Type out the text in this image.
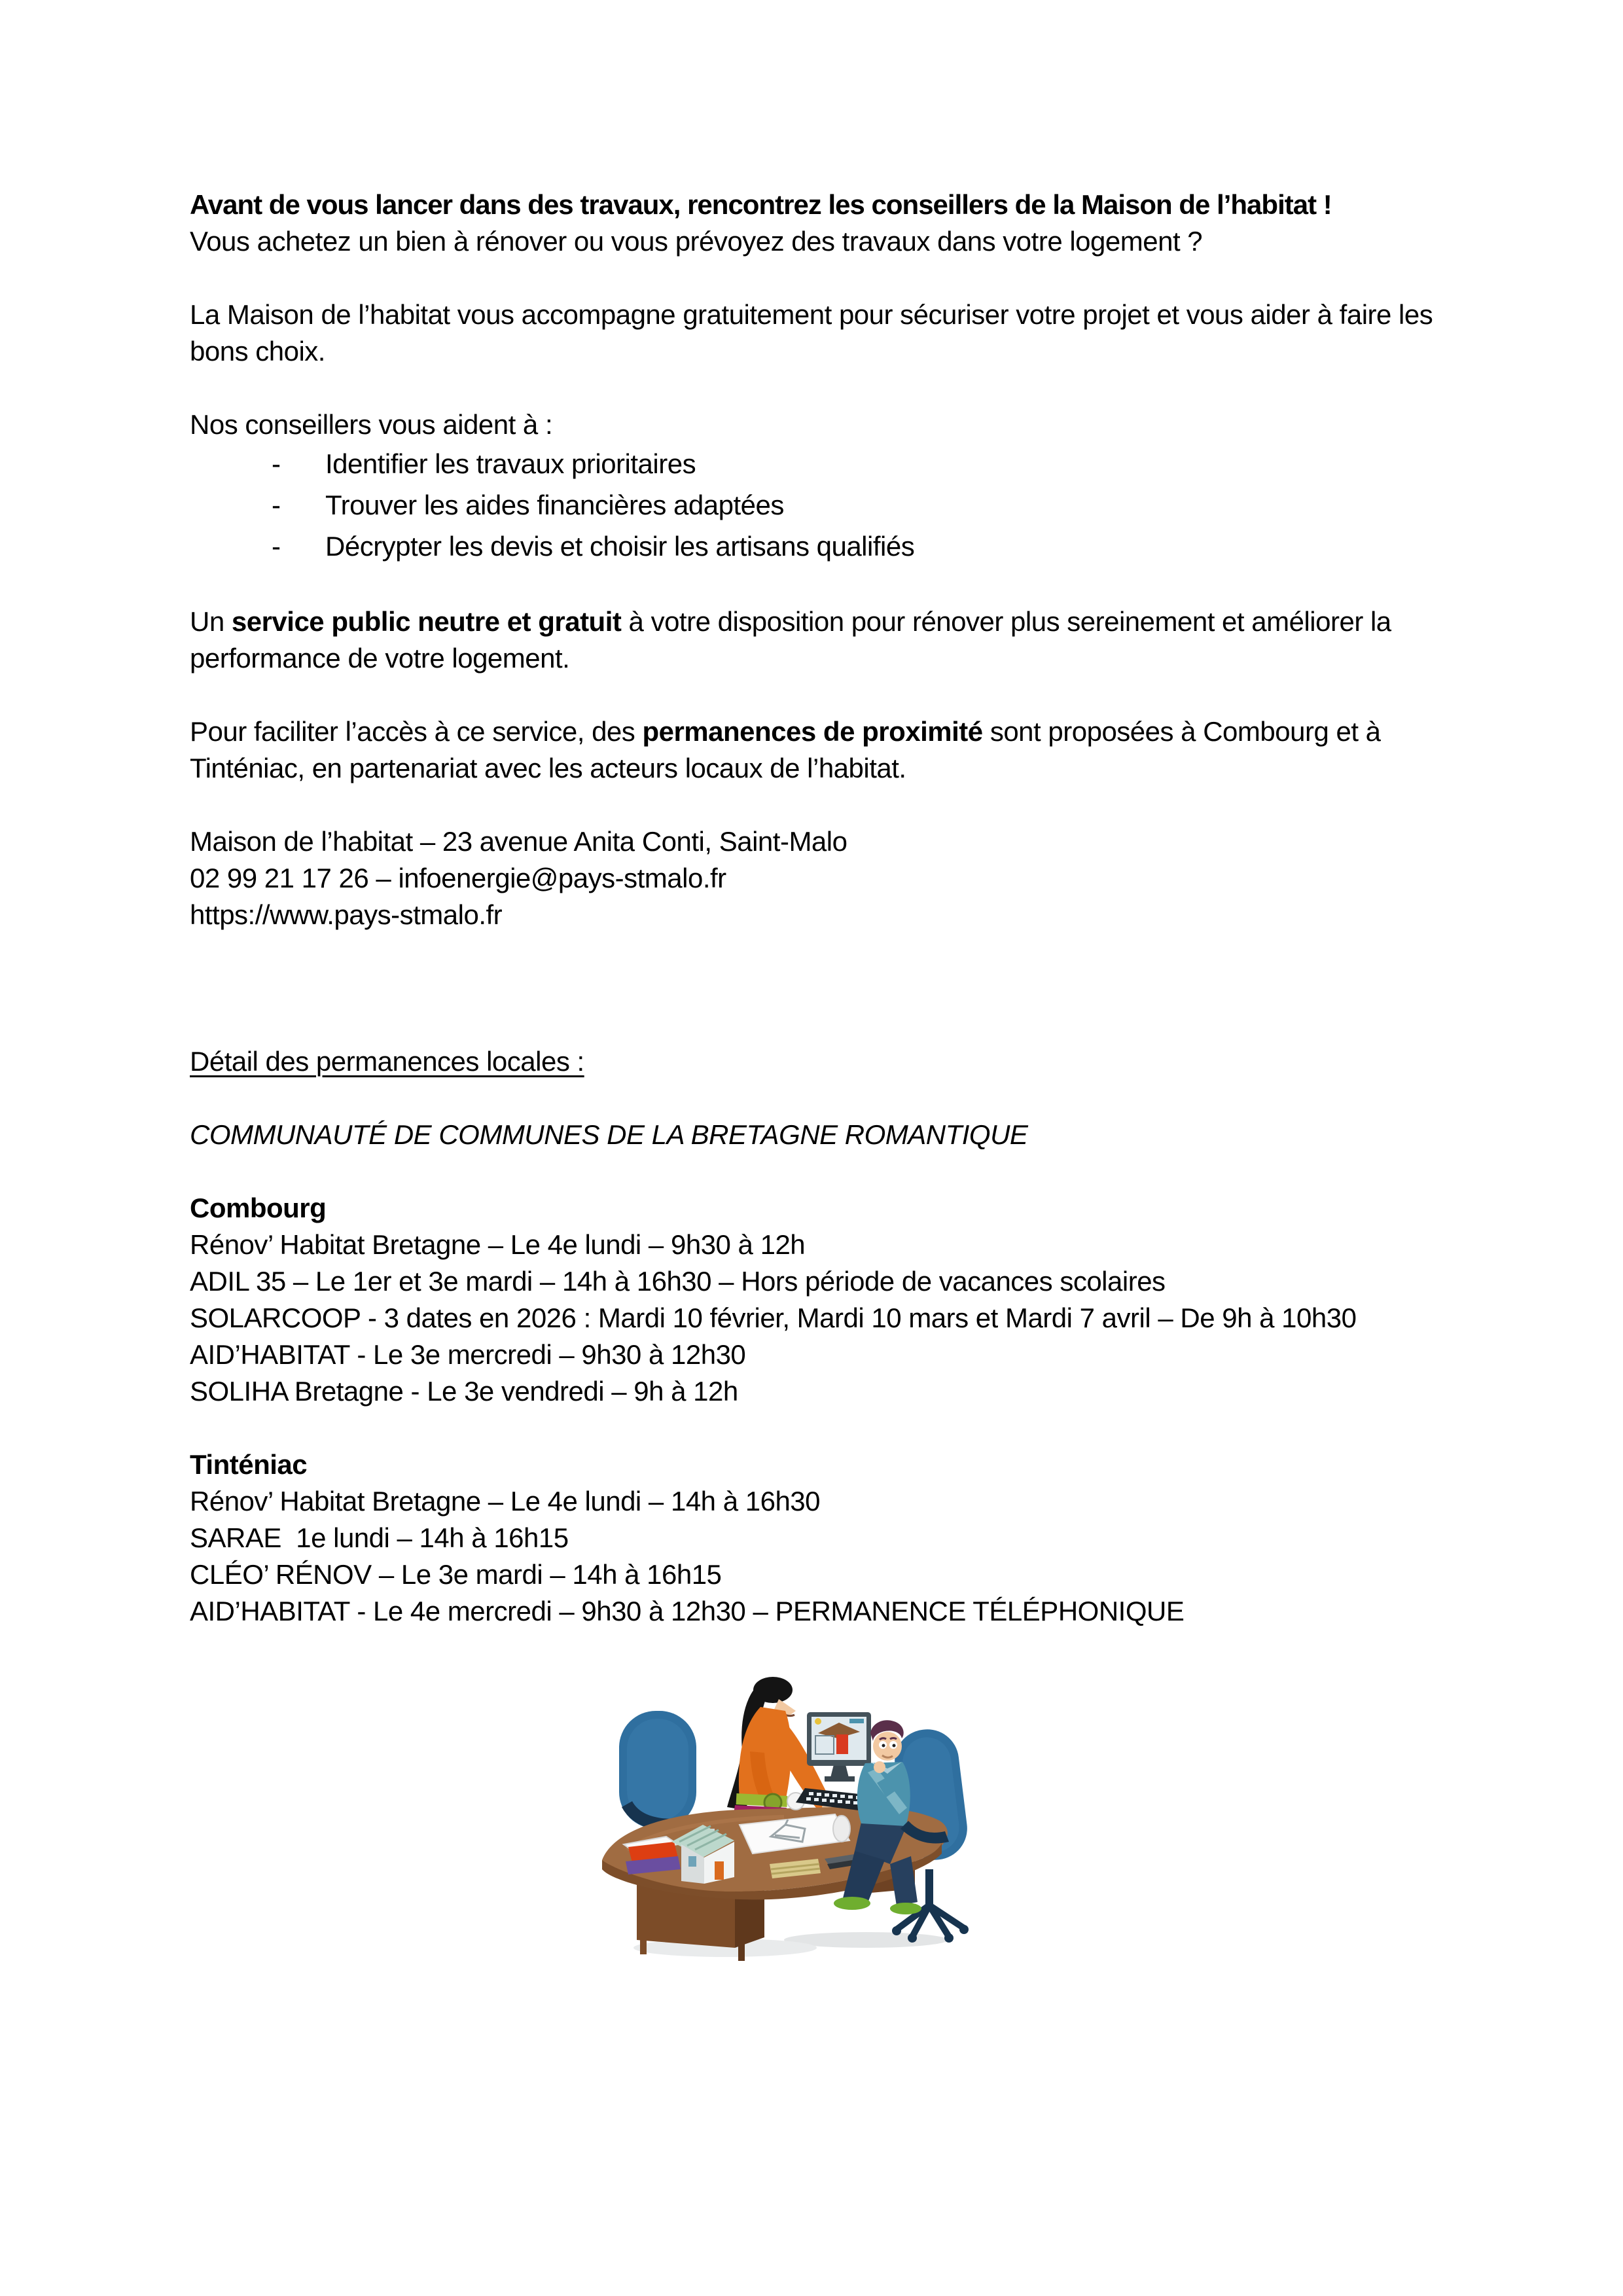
Avant de vous lancer dans des travaux, rencontrez les conseillers de la Maison de l’habitat !
Vous achetez un bien à rénover ou vous prévoyez des travaux dans votre logement ?
La Maison de l’habitat vous accompagne gratuitement pour sécuriser votre projet et vous aider à faire les bons choix.
Nos conseillers vous aident à :
-	Identifier les travaux prioritaires
-	Trouver les aides financières adaptées
-	Décrypter les devis et choisir les artisans qualifiés
Un service public neutre et gratuit à votre disposition pour rénover plus sereinement et améliorer la performance de votre logement.
Pour faciliter l’accès à ce service, des permanences de proximité sont proposées à Combourg et à Tinténiac, en partenariat avec les acteurs locaux de l’habitat.
Maison de l’habitat – 23 avenue Anita Conti, Saint-Malo
02 99 21 17 26 – infoenergie@pays-stmalo.fr
https://www.pays-stmalo.fr
Détail des permanences locales :
COMMUNAUTÉ DE COMMUNES DE LA BRETAGNE ROMANTIQUE
Combourg
Rénov’ Habitat Bretagne – Le 4e lundi – 9h30 à 12h
ADIL 35 – Le 1er et 3e mardi – 14h à 16h30 – Hors période de vacances scolaires
SOLARCOOP - 3 dates en 2026 : Mardi 10 février, Mardi 10 mars et Mardi 7 avril – De 9h à 10h30
AID’HABITAT - Le 3e mercredi – 9h30 à 12h30
SOLIHA Bretagne - Le 3e vendredi – 9h à 12h
Tinténiac
Rénov’ Habitat Bretagne – Le 4e lundi – 14h à 16h30
SARAE  1e lundi – 14h à 16h15
CLÉO’ RÉNOV – Le 3e mardi – 14h à 16h15
AID’HABITAT - Le 4e mercredi – 9h30 à 12h30 – PERMANENCE TÉLÉPHONIQUE
